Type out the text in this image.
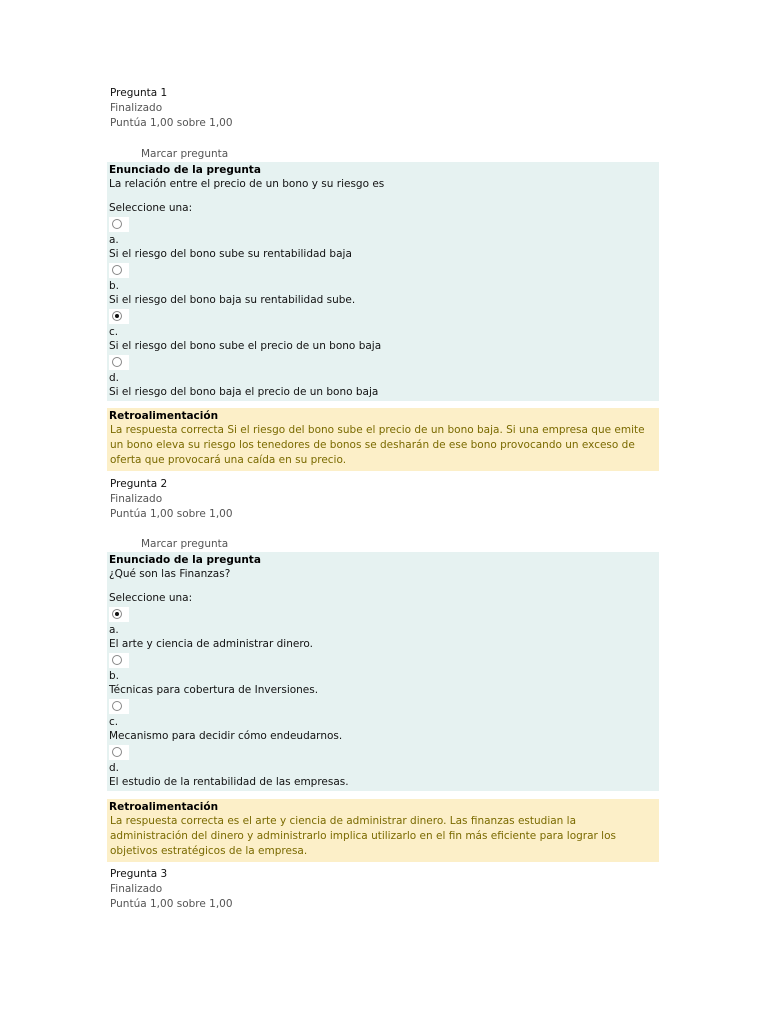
Pregunta 1
Finalizado
Puntúa 1,00 sobre 1,00
Marcar pregunta
Enunciado de la pregunta
La relación entre el precio de un bono y su riesgo es
Seleccione una:
a.
Si el riesgo del bono sube su rentabilidad baja
b.
Si el riesgo del bono baja su rentabilidad sube.
c.
Si el riesgo del bono sube el precio de un bono baja
d.
Si el riesgo del bono baja el precio de un bono baja
Retroalimentación
La respuesta correcta Si el riesgo del bono sube el precio de un bono baja. Si una empresa que emite un bono eleva su riesgo los tenedores de bonos se desharán de ese bono provocando un exceso de oferta que provocará una caída en su precio.
Pregunta 2
Finalizado
Puntúa 1,00 sobre 1,00
Marcar pregunta
Enunciado de la pregunta
¿Qué son las Finanzas?
Seleccione una:
a.
El arte y ciencia de administrar dinero.
b.
Técnicas para cobertura de Inversiones.
c.
Mecanismo para decidir cómo endeudarnos.
d.
El estudio de la rentabilidad de las empresas.
Retroalimentación
La respuesta correcta es el arte y ciencia de administrar dinero. Las finanzas estudian la administración del dinero y administrarlo implica utilizarlo en el fin más eficiente para lograr los objetivos estratégicos de la empresa.
Pregunta 3
Finalizado
Puntúa 1,00 sobre 1,00
